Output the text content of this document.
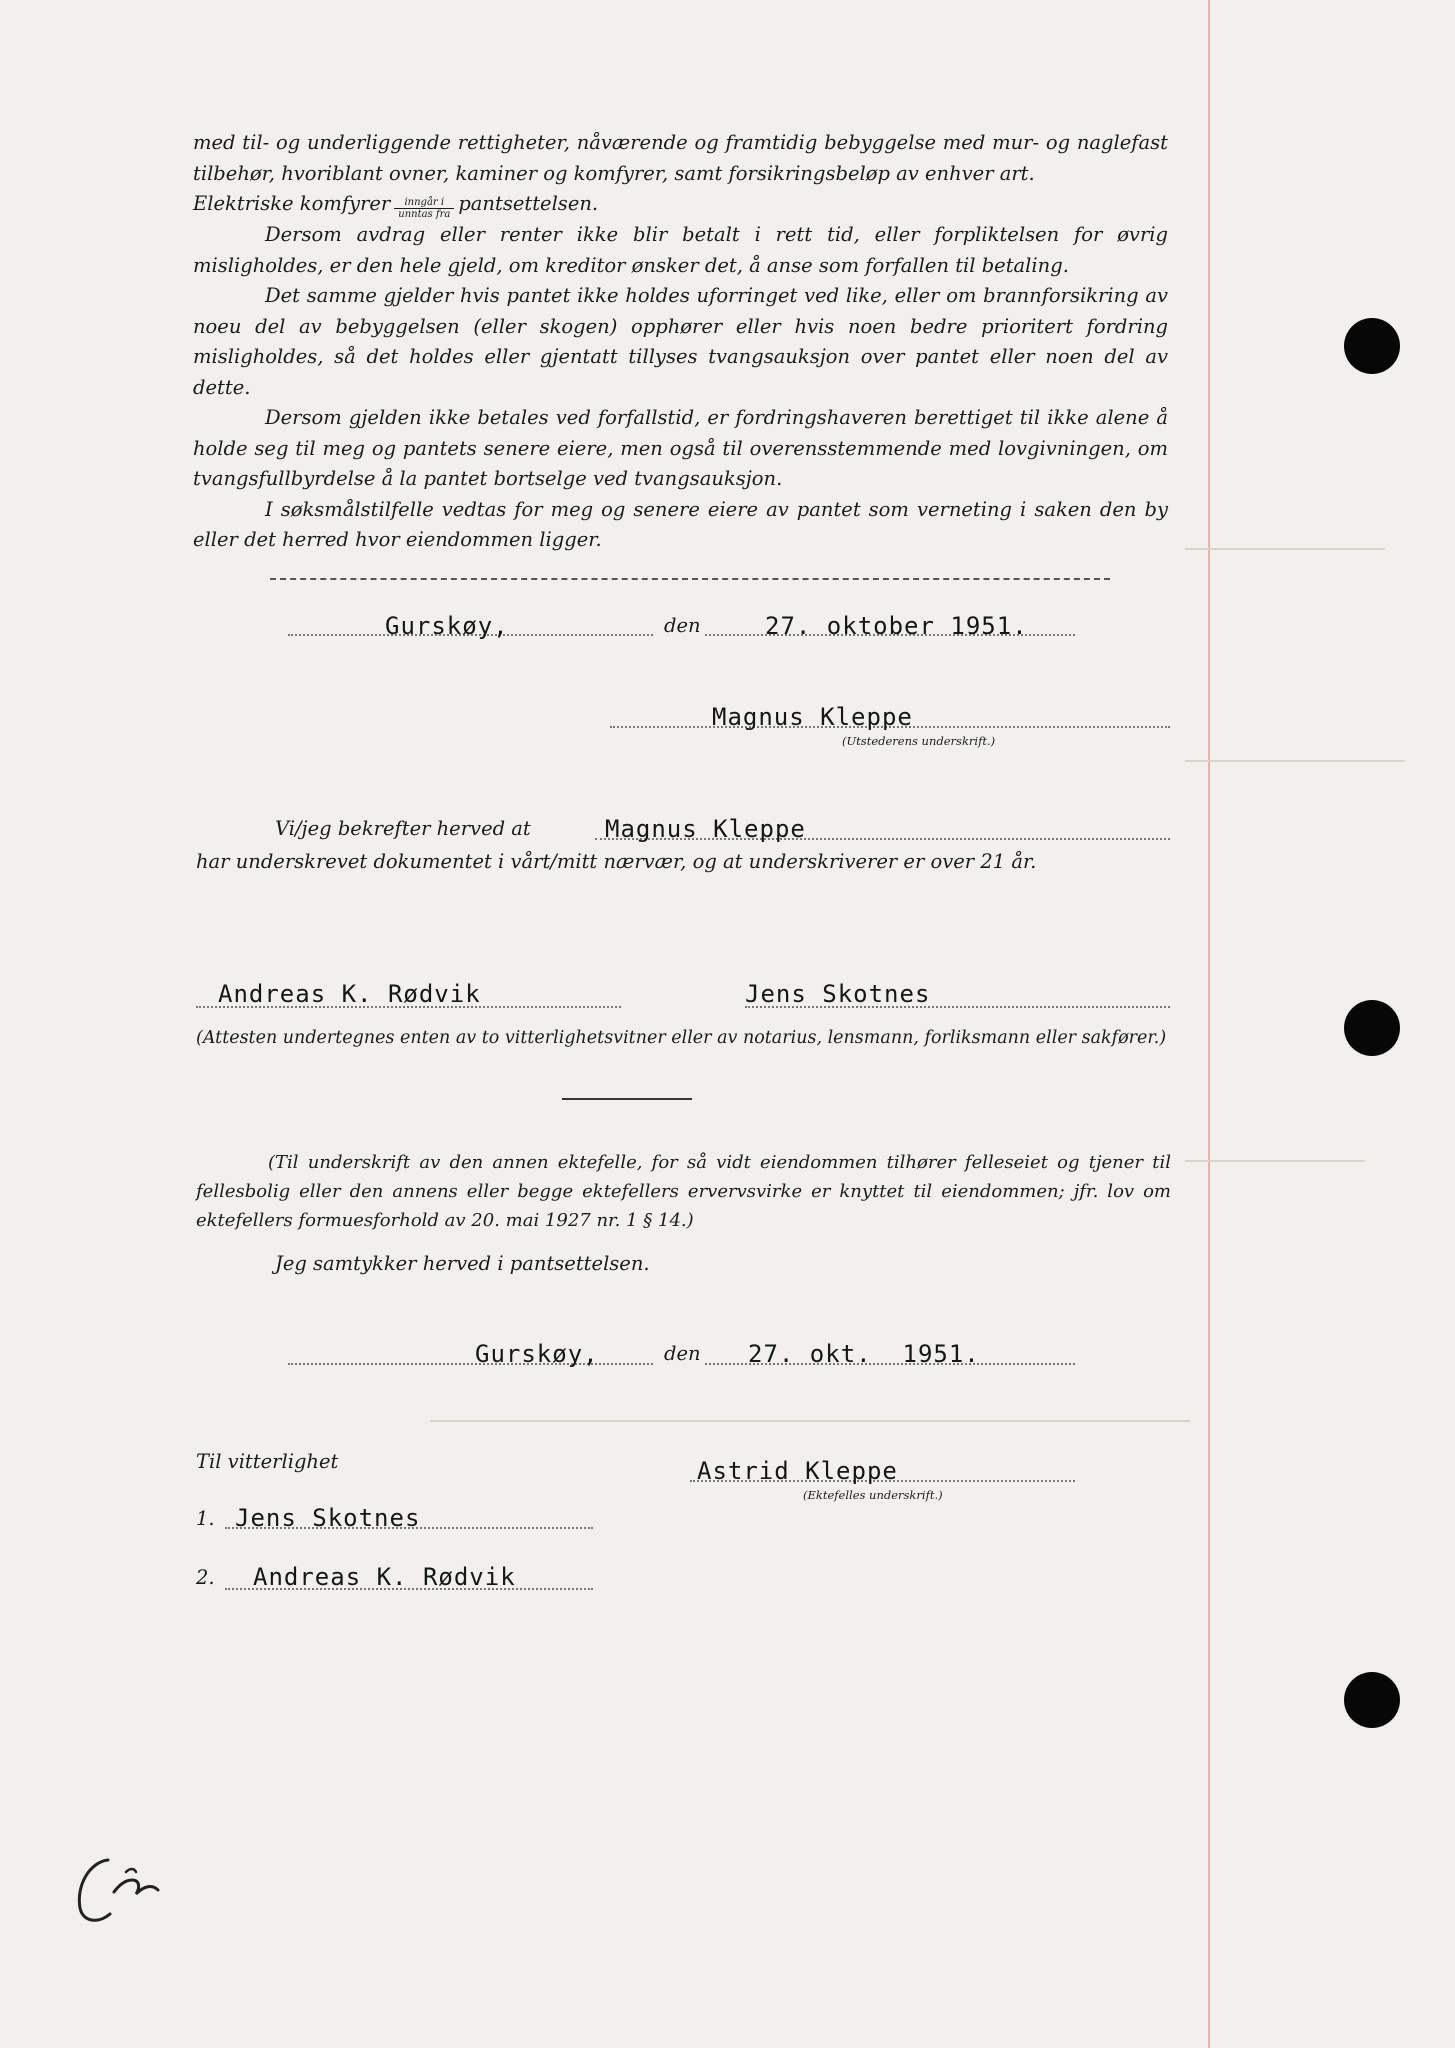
med til- og underliggende rettigheter, nåværende og framtidig bebyggelse med mur- og naglefast tilbehør, hvoriblant ovner, kaminer og komfyrer, samt forsikringsbeløp av enhver art.
Elektriske komfyrer $\frac{\text{inngår i}}{\text{unntas fra}}$ pantsettelsen.

Dersom avdrag eller renter ikke blir betalt i rett tid, eller forpliktelsen for øvrig misligholdes, er den hele gjeld, om kreditor ønsker det, å anse som forfallen til betaling.

Det samme gjelder hvis pantet ikke holdes uforringet ved like, eller om brannforsikring av noeu del av bebyggelsen (eller skogen) opphører eller hvis noen bedre prioritert fordring misligholdes, så det holdes eller gjentatt tillyses tvangsauksjon over pantet eller noen del av dette.

Dersom gjelden ikke betales ved forfallstid, er fordringshaveren berettiget til ikke alene å holde seg til meg og pantets senere eiere, men også til overensstemmende med lovgivningen, om tvangsfullbyrdelse å la pantet bortselge ved tvangsauksjon.

I søksmålstilfelle vedtas for meg og senere eiere av pantet som verneting i saken den by eller det herred hvor eiendommen ligger.

Gurskøy,	den	27. oktober 1951.
Magnus Kleppe
(Utstederens underskrift.)
Vi/jeg bekrefter herved at	Magnus Kleppe
har underskrevet dokumentet i vårt/mitt nærvær, og at underskriverer er over 21 år.
Andreas K. Rødvik	Jens Skotnes
(Attesten undertegnes enten av to vitterlighetsvitner eller av notarius, lensmann, forliksmann eller sakfører.)
(Til underskrift av den annen ektefelle, for så vidt eiendommen tilhører felleseiet og tjener til fellesbolig eller den annens eller begge ektefellers ervervsvirke er knyttet til eiendommen; jfr. lov om ektefellers formuesforhold av 20. mai 1927 nr. 1 § 14.)
Jeg samtykker herved i pantsettelsen.
Gurskøy,	den 27. okt.  1951.
Til vitterlighet	Astrid Kleppe
(Ektefelles underskrift.)
1. Jens Skotnes
2. Andreas K. Rødvik
